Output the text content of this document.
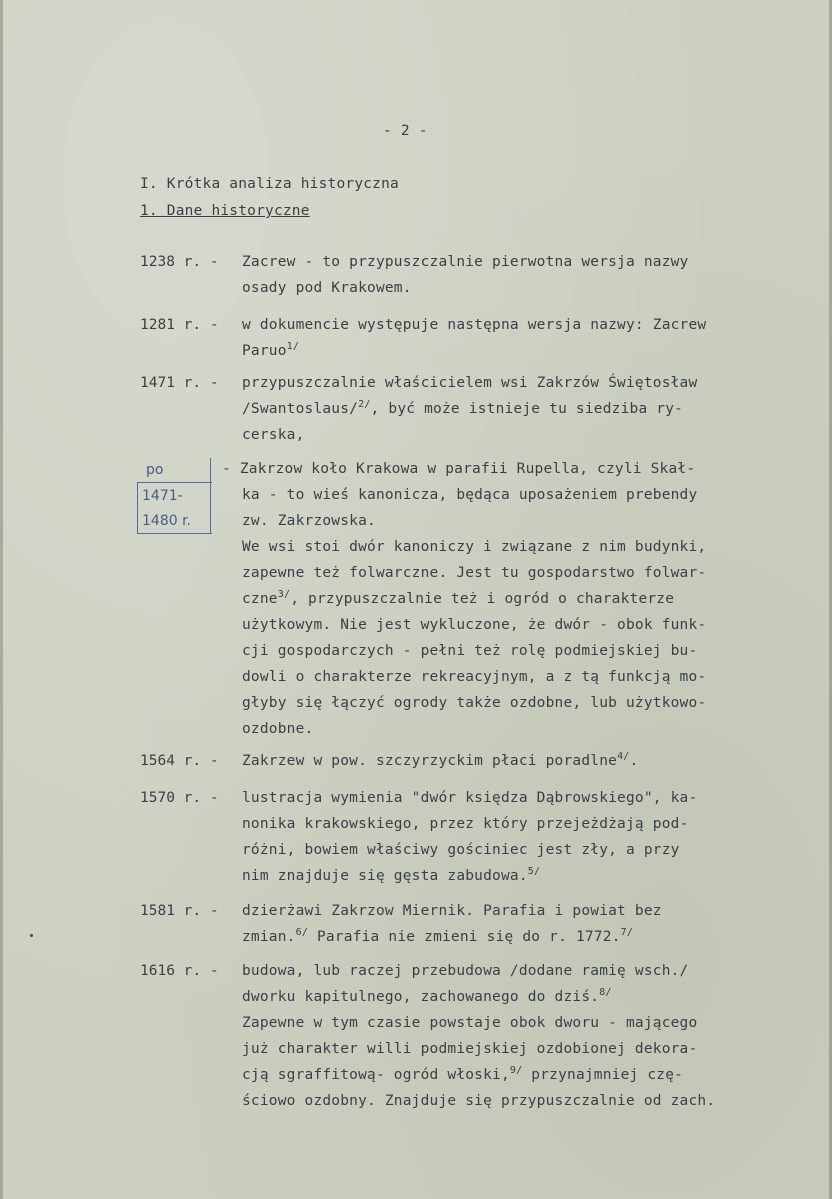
- 2 -
I. Krótka analiza historyczna
1. Dane historyczne
1238 r. - Zacrew - to przypuszczalnie pierwotna wersja nazwy
osady pod Krakowem.
1281 r. - w dokumencie występuje następna wersja nazwy: Zacrew
Paruo$^{1/}$
1471 r. - przypuszczalnie właścicielem wsi Zakrzów Świętosław
/Swantoslaus/$^{2/}$, być może istnieje tu siedziba ry-
cerska,
po
1471-
1480 r.
- Zakrzow koło Krakowa w parafii Rupella, czyli Skał-
ka - to wieś kanonicza, będąca uposażeniem prebendy
zw. Zakrzowska.
We wsi stoi dwór kanoniczy i związane z nim budynki,
zapewne też folwarczne. Jest tu gospodarstwo folwar-
czne$^{3/}$, przypuszczalnie też i ogród o charakterze
użytkowym. Nie jest wykluczone, że dwór - obok funk-
cji gospodarczych - pełni też rolę podmiejskiej bu-
dowli o charakterze rekreacyjnym, a z tą funkcją mo-
głyby się łączyć ogrody także ozdobne, lub użytkowo-
ozdobne.
1564 r. - Zakrzew w pow. szczyrzyckim płaci poradlne$^{4/}$.
1570 r. - lustracja wymienia "dwór księdza Dąbrowskiego", ka-
nonika krakowskiego, przez który przejeżdżają pod-
różni, bowiem właściwy gościniec jest zły, a przy
nim znajduje się gęsta zabudowa.$^{5/}$
1581 r. - dzierżawi Zakrzow Miernik. Parafia i powiat bez
zmian.$^{6/}$ Parafia nie zmieni się do r. 1772.$^{7/}$
1616 r. - budowa, lub raczej przebudowa /dodane ramię wsch./
dworku kapitulnego, zachowanego do dziś.$^{8/}$
Zapewne w tym czasie powstaje obok dworu - mającego
już charakter willi podmiejskiej ozdobionej dekora-
cją sgraffitową- ogród włoski,$^{9/}$ przynajmniej czę-
ściowo ozdobny. Znajduje się przypuszczalnie od zach.
